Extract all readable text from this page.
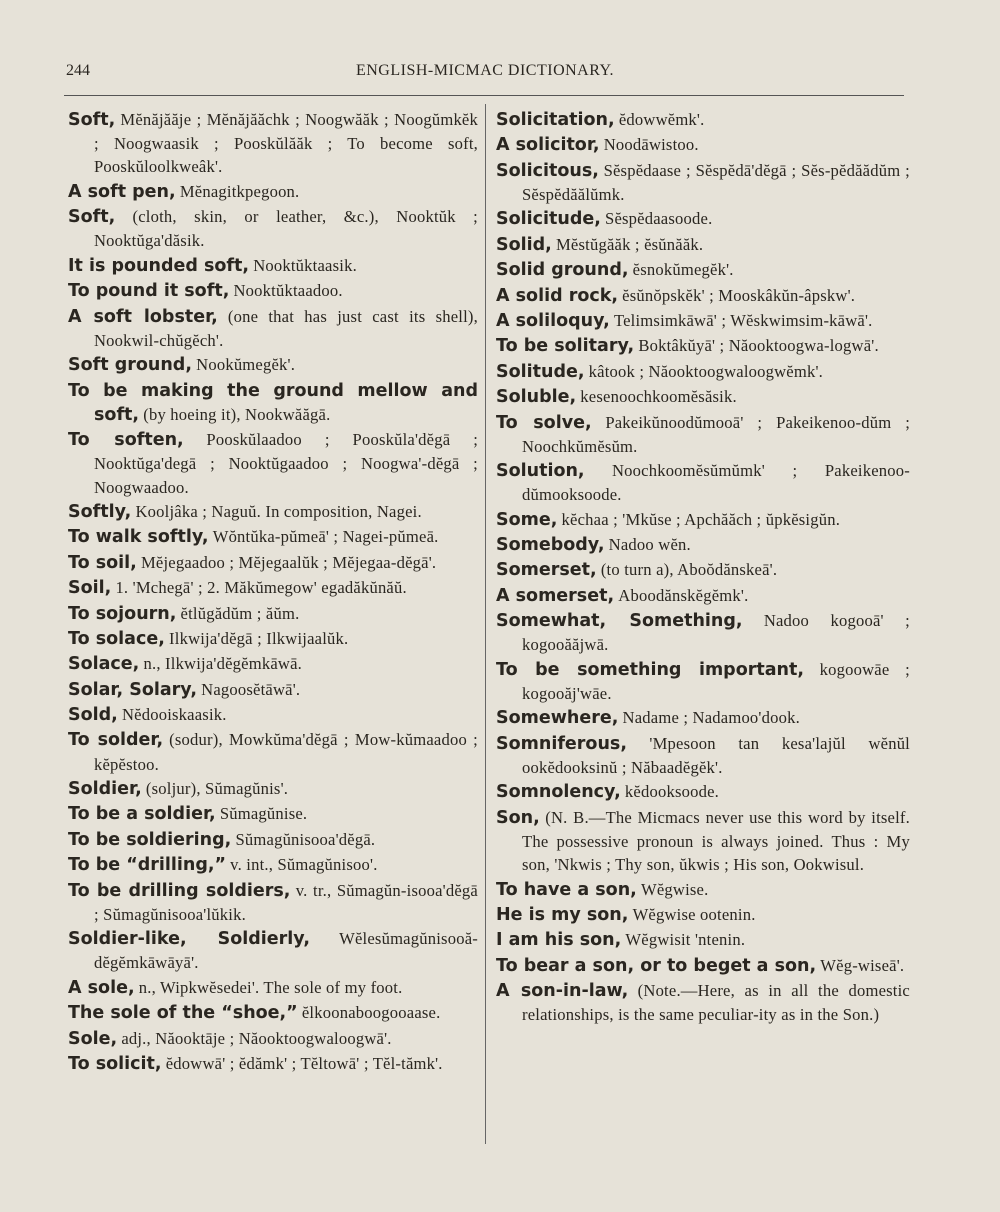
244	ENGLISH-MICMAC DICTIONARY.
Soft, Mĕnăjăăje ; Mĕnăjăăchk ; Noogwăăk ; Noogŭmkĕk ; Noogwaasik ; Pooskŭlăăk ; To become soft, Pooskŭloolkweâk'.
A soft pen, Mĕnagitkpegoon.
Soft, (cloth, skin, or leather, &c.), Nooktŭk ; Nooktŭga'dăsik.
It is pounded soft, Nooktŭktaasik.
To pound it soft, Nooktŭktaadoo.
A soft lobster, (one that has just cast its shell), Nookwil-chŭgĕch'.
Soft ground, Nookŭmegĕk'.
To be making the ground mellow and soft, (by hoeing it), Nookwăăgā.
To soften, Pooskŭlaadoo ; Pooskŭla'dĕgā ; Nooktŭga'degā ; Nooktŭgaadoo ; Noogwa'-dĕgā ; Noogwaadoo.
Softly, Kooljâka ; Naguŭ. In composition, Nagei.
To walk softly, Wŏntŭka-pŭmeā' ; Nagei-pŭmeā.
To soil, Mĕjegaadoo ; Mĕjegaalŭk ; Mĕjegaa-dĕgā'.
Soil, 1. 'Mchegā' ; 2. Măkŭmegow' egadăkŭnăŭ.
To sojourn, ĕtlŭgădŭm ; ăŭm.
To solace, Ilkwija'dĕgā ; Ilkwijaalŭk.
Solace, n., Ilkwija'dĕgĕmkāwā.
Solar, Solary, Nagoosĕtāwā'.
Sold, Nĕdooiskaasik.
To solder, (sodur), Mowkŭma'dĕgā ; Mow-kŭmaadoo ; kĕpĕstoo.
Soldier, (soljur), Sŭmagŭnis'.
To be a soldier, Sŭmagŭnise.
To be soldiering, Sŭmagŭnisooa'dĕgā.
To be “drilling,” v. int., Sŭmagŭnisoo'.
To be drilling soldiers, v. tr., Sŭmagŭn-isooa'dĕgā ; Sŭmagŭnisooa'lŭkik.
Soldier-like, Soldierly, Wĕlesŭmagŭnisooă-dĕgĕmkāwāyā'.
A sole, n., Wipkwĕsedei'. The sole of my foot.
The sole of the “shoe,” ĕlkoonaboogooaase.
Sole, adj., Năooktāje ; Năooktoogwaloogwā'.
To solicit, ĕdowwā' ; ĕdămk' ; Tĕltowā' ; Tĕl-tămk'.
Solicitation, ĕdowwĕmk'.
A solicitor, Noodāwistoo.
Solicitous, Sĕspĕdaase ; Sĕspĕdā'dĕgā ; Sĕs-pĕdăădŭm ; Sĕspĕdăălŭmk.
Solicitude, Sĕspĕdaasoode.
Solid, Mĕstŭgăăk ; ĕsŭnăăk.
Solid ground, ĕsnokŭmegĕk'.
A solid rock, ĕsŭnŏpskĕk' ; Mooskâkŭn-âpskw'.
A soliloquy, Telimsimkāwā' ; Wĕskwimsim-kāwā'.
To be solitary, Boktâkŭyā' ; Năooktoogwa-logwā'.
Solitude, kâtook ; Năooktoogwaloogwĕmk'.
Soluble, kesenoochkoomĕsăsik.
To solve, Pakeikŭnoodŭmooā' ; Pakeikenoo-dŭm ; Noochkŭmĕsŭm.
Solution, Noochkoomĕsŭmŭmk' ; Pakeikenoo-dŭmooksoode.
Some, kĕchaa ; 'Mkŭse ; Apchăăch ; ŭpkĕsigŭn.
Somebody, Nadoo wĕn.
Somerset, (to turn a), Aboŏdănskeā'.
A somerset, Aboodănskĕgĕmk'.
Somewhat, Something, Nadoo kogooā' ; kogooăăjwā.
To be something important, kogoowāe ; kogooăj'wāe.
Somewhere, Nadame ; Nadamoo'dook.
Somniferous, 'Mpesoon tan kesa'lajŭl wĕnŭl ookĕdooksinŭ ; Năbaadĕgĕk'.
Somnolency, kĕdooksoode.
Son, (N. B.—The Micmacs never use this word by itself. The possessive pronoun is always joined. Thus : My son, 'Nkwis ; Thy son, ŭkwis ; His son, Ookwisul.
To have a son, Wĕgwise.
He is my son, Wĕgwise ootenin.
I am his son, Wĕgwisit 'ntenin.
To bear a son, or to beget a son, Wĕg-wiseā'.
A son-in-law, (Note.—Here, as in all the domestic relationships, is the same peculiar-ity as in the Son.)
